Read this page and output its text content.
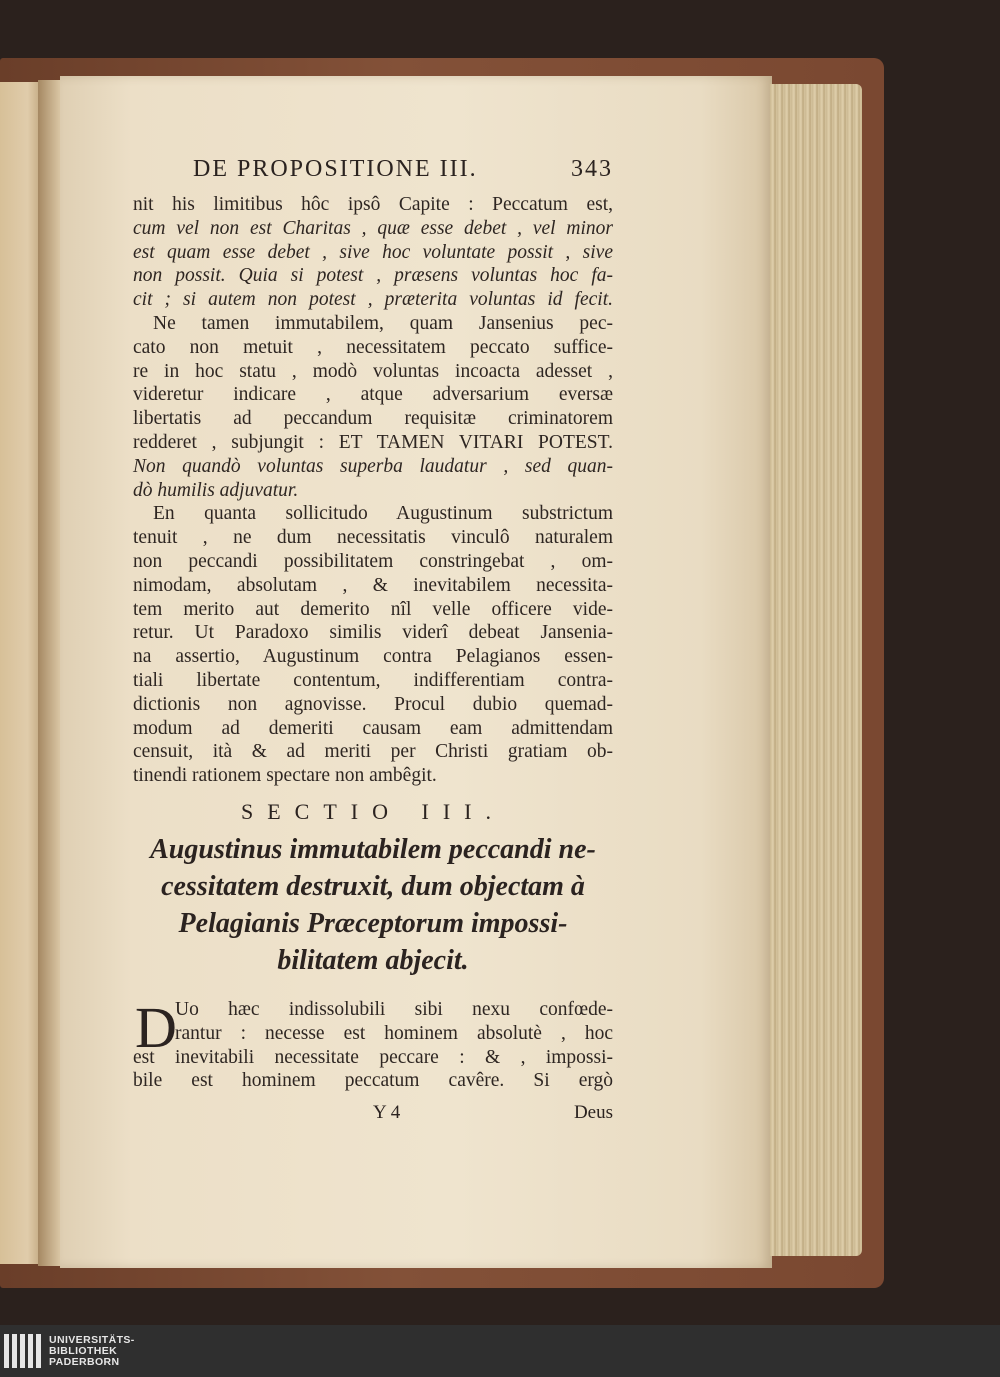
DE PROPOSITIONE III.	343
nit his limitibus hôc ipsô Capite : Peccatum est,
cum vel non est Charitas , quæ esse debet , vel minor
est quam esse debet , sive hoc voluntate possit , sive
non possit. Quia si potest , præsens voluntas hoc fa-
cit ; si autem non potest , præterita voluntas id fecit.
Ne tamen immutabilem, quam Jansenius pec-
cato non metuit , necessitatem peccato suffice-
re in hoc statu , modò voluntas incoacta adesset ,
videretur indicare , atque adversarium eversæ
libertatis ad peccandum requisitæ criminatorem
redderet , subjungit : ET TAMEN VITARI POTEST.
Non quandò voluntas superba laudatur , sed quan-
dò humilis adjuvatur.
En quanta sollicitudo Augustinum substrictum
tenuit , ne dum necessitatis vinculô naturalem
non peccandi possibilitatem constringebat , om-
nimodam, absolutam , & inevitabilem necessita-
tem merito aut demerito nîl velle officere vide-
retur. Ut Paradoxo similis viderî debeat Janseniа-
na assertio, Augustinum contra Pelagianos essen-
tiali libertate contentum, indifferentiam contra-
dictionis non agnovisse. Procul dubio quemad-
modum ad demeriti causam eam admittendam
censuit, ità & ad meriti per Christi gratiam ob-
tinendi rationem spectare non ambêgit.
SECTIO III.
Augustinus immutabilem peccandi ne-
cessitatem destruxit, dum objectam à
Pelagianis Præceptorum impossi-
bilitatem abjecit.
D
Uo hæc indissolubili sibi nexu confœde-
rantur : necesse est hominem absolutè , hoc
est inevitabili necessitate peccare : & , impossi-
bile est hominem peccatum cavêre. Si ergò
Y 4	Deus
UNIVERSITÄTS-
BIBLIOTHEK
PADERBORN
